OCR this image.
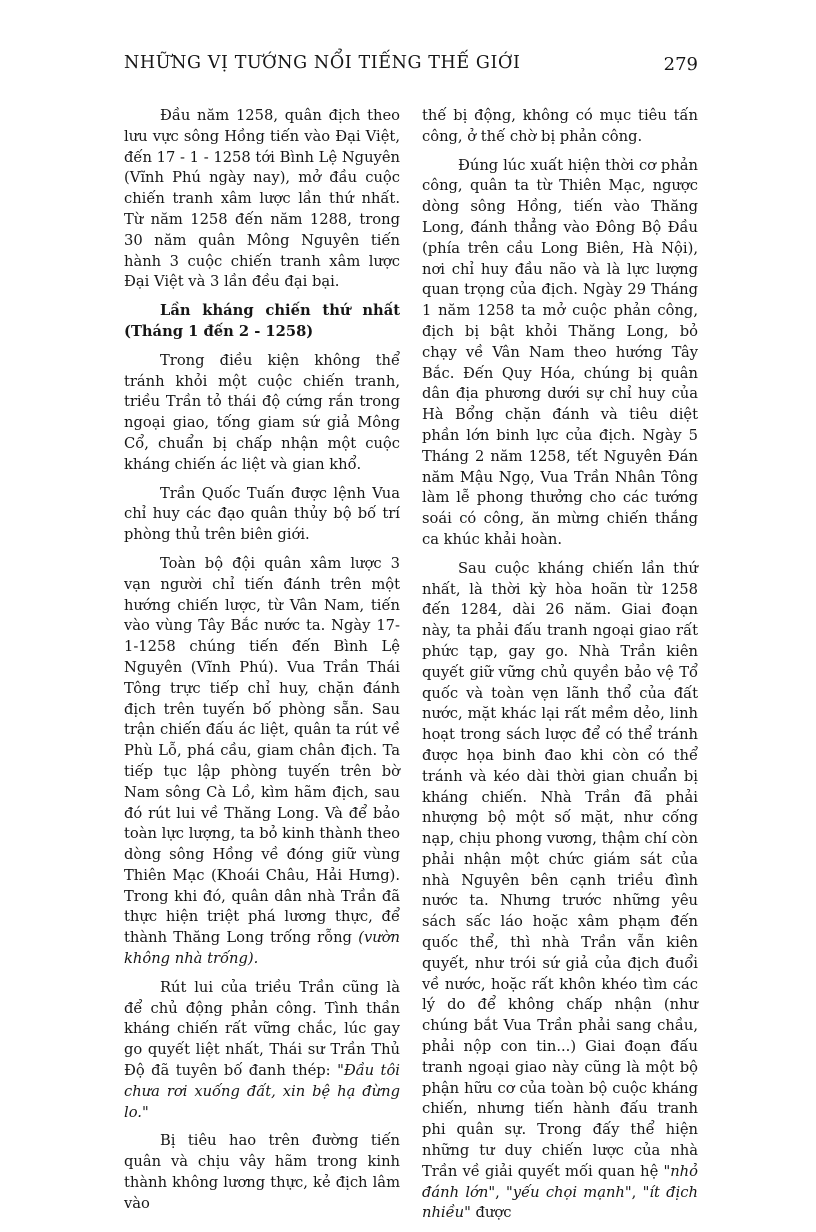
NHỮNG VỊ TƯỚNG NỔI TIẾNG THẾ GIỚI	279

Đầu năm 1258, quân địch theo lưu vực sông Hồng tiến vào Đại Việt, đến 17 - 1 - 1258 tới Bình Lệ Nguyên (Vĩnh Phú ngày nay), mở đầu cuộc chiến tranh xâm lược lần thứ nhất. Từ năm 1258 đến năm 1288, trong 30 năm quân Mông Nguyên tiến hành 3 cuộc chiến tranh xâm lược Đại Việt và 3 lần đều đại bại.

Lần kháng chiến thứ nhất (Tháng 1 đến 2 - 1258)

Trong điều kiện không thể tránh khỏi một cuộc chiến tranh, triều Trần tỏ thái độ cứng rắn trong ngoại giao, tống giam sứ giả Mông Cổ, chuẩn bị chấp nhận một cuộc kháng chiến ác liệt và gian khổ.

Trần Quốc Tuấn được lệnh Vua chỉ huy các đạo quân thủy bộ bố trí phòng thủ trên biên giới.

Toàn bộ đội quân xâm lược 3 vạn người chỉ tiến đánh trên một hướng chiến lược, từ Vân Nam, tiến vào vùng Tây Bắc nước ta. Ngày 17-1-1258 chúng tiến đến Bình Lệ Nguyên (Vĩnh Phú). Vua Trần Thái Tông trực tiếp chỉ huy, chặn đánh địch trên tuyến bố phòng sẵn. Sau trận chiến đấu ác liệt, quân ta rút về Phù Lỗ, phá cầu, giam chân địch. Ta tiếp tục lập phòng tuyến trên bờ Nam sông Cà Lồ, kìm hãm địch, sau đó rút lui về Thăng Long. Và để bảo toàn lực lượng, ta bỏ kinh thành theo dòng sông Hồng về đóng giữ vùng Thiên Mạc (Khoái Châu, Hải Hưng). Trong khi đó, quân dân nhà Trần đã thực hiện triệt phá lương thực, để thành Thăng Long trống rỗng (vườn không nhà trống).

Rút lui của triều Trần cũng là để chủ động phản công. Tình thần kháng chiến rất vững chắc, lúc gay go quyết liệt nhất, Thái sư Trần Thủ Độ đã tuyên bố đanh thép: "Đầu tôi chưa rơi xuống đất, xin bệ hạ đừng lo."

Bị tiêu hao trên đường tiến quân và chịu vây hãm trong kinh thành không lương thực, kẻ địch lâm vào

thế bị động, không có mục tiêu tấn công, ở thế chờ bị phản công.

Đúng lúc xuất hiện thời cơ phản công, quân ta từ Thiên Mạc, ngược dòng sông Hồng, tiến vào Thăng Long, đánh thẳng vào Đông Bộ Đầu (phía trên cầu Long Biên, Hà Nội), nơi chỉ huy đầu não và là lực lượng quan trọng của địch. Ngày 29 Tháng 1 năm 1258 ta mở cuộc phản công, địch bị bật khỏi Thăng Long, bỏ chạy về Vân Nam theo hướng Tây Bắc. Đến Quy Hóa, chúng bị quân dân địa phương dưới sự chỉ huy của Hà Bổng chặn đánh và tiêu diệt phần lớn binh lực của địch. Ngày 5 Tháng 2 năm 1258, tết Nguyên Đán năm Mậu Ngọ, Vua Trần Nhân Tông làm lễ phong thưởng cho các tướng soái có công, ăn mừng chiến thắng ca khúc khải hoàn.

Sau cuộc kháng chiến lần thứ nhất, là thời kỳ hòa hoãn từ 1258 đến 1284, dài 26 năm. Giai đoạn này, ta phải đấu tranh ngoại giao rất phức tạp, gay go. Nhà Trần kiên quyết giữ vững chủ quyền bảo vệ Tổ quốc và toàn vẹn lãnh thổ của đất nước, mặt khác lại rất mềm dẻo, linh hoạt trong sách lược để có thể tránh được họa binh đao khi còn có thể tránh và kéo dài thời gian chuẩn bị kháng chiến. Nhà Trần đã phải nhượng bộ một số mặt, như cống nạp, chịu phong vương, thậm chí còn phải nhận một chức giám sát của nhà Nguyên bên cạnh triều đình nước ta. Nhưng trước những yêu sách sấc láo hoặc xâm phạm đến quốc thể, thì nhà Trần vẫn kiên quyết, như trói sứ giả của địch đuổi về nước, hoặc rất khôn khéo tìm các lý do để không chấp nhận (như chúng bắt Vua Trần phải sang chầu, phải nộp con tin...) Giai đoạn đấu tranh ngoại giao này cũng là một bộ phận hữu cơ của toàn bộ cuộc kháng chiến, nhưng tiến hành đấu tranh phi quân sự. Trong đấy thể hiện những tư duy chiến lược của nhà Trần về giải quyết mối quan hệ "nhỏ đánh lớn", "yếu chọi mạnh", "ít địch nhiều" được
